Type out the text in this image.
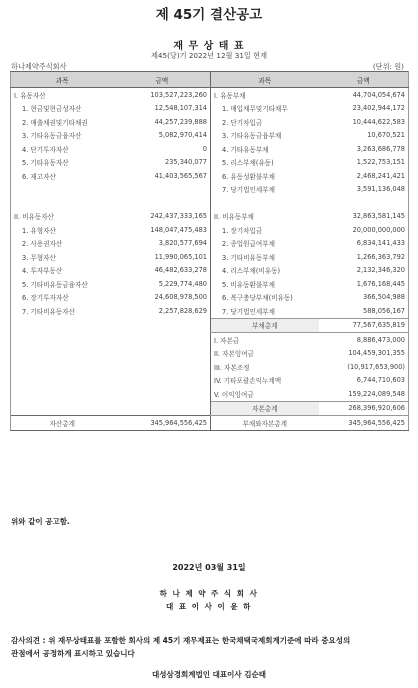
제 45기 결산공고
재 무 상 태 표
제45(당)기 2022년 12월 31일 현재
하나제약주식회사	(단위: 원)
과목	금액	과목	금액
I. 유동자산	103,527,223,260	I. 유동부채	44,704,054,674
1. 현금및현금성자산	12,548,107,314	1. 매입채무및기타채무	23,402,944,172
2. 매출채권및기타채권	44,257,239,888	2. 단기차입금	10,444,622,583
3. 기타유동금융자산	5,082,970,414	3. 기타유동금융부채	10,670,521
4. 단기투자자산	0	4. 기타유동부채	3,263,686,778
5. 기타유동자산	235,340,077	5. 리스부채(유동)	1,522,753,151
6. 재고자산	41,403,565,567	6. 유동성환불부채	2,468,241,421
		7. 당기법인세부채	3,591,136,048

II. 비유동자산	242,437,333,165	II. 비유동부채	32,863,581,145
1. 유형자산	148,047,475,483	1. 장기차입금	20,000,000,000
2. 사용권자산	3,820,577,694	2. 종업원급여부채	6,834,141,433
3. 무형자산	11,990,065,101	3. 기타비유동부채	1,266,363,792
4. 투자부동산	46,482,633,278	4. 리스부채(비유동)	2,132,346,320
5. 기타비유동금융자산	5,229,774,480	5. 비유동환불부채	1,676,168,445
6. 장기투자자산	24,608,978,500	6. 복구충당부채(비유동)	366,504,988
7. 기타비유동자산	2,257,828,629	7. 당기법인세부채	588,056,167
		부채총계	77,567,635,819
		I. 자본금	8,886,473,000
		II. 자본잉여금	104,459,301,355
		III. 자본조정	(10,917,653,900)
		IV. 기타포괄손익누계액	6,744,710,603
		V. 이익잉여금	159,224,089,548
		자본총계	268,396,920,606
자산총계	345,964,556,425	부채와자본총계	345,964,556,425
위와 같이 공고함.
2022년 03월 31일
하 나 제 약 주 식 회 사
대 표 이 사 이 윤 하
감사의견 : 위 재무상태표를 포함한 회사의 제 45기 재무제표는 한국채택국제회계기준에 따라 중요성의
관점에서 공정하게 표시하고 있습니다
대성삼경회계법인 대표이사 김순태
